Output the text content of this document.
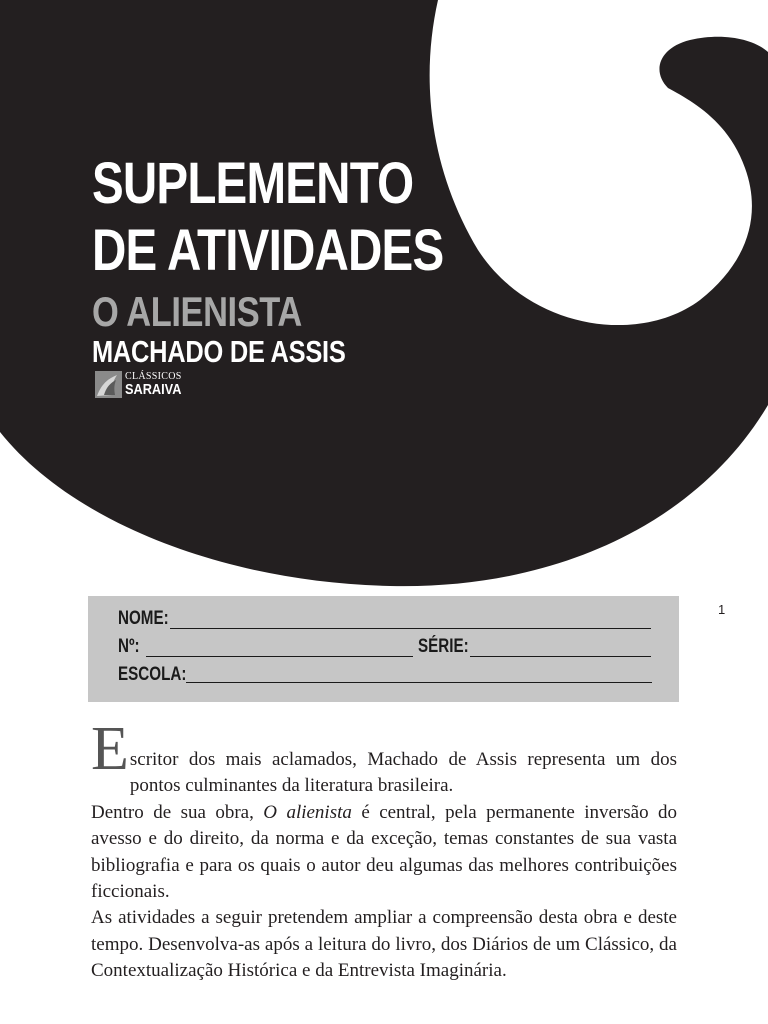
SUPLEMENTO
DE ATIVIDADES
O ALIENISTA
MACHADO DE ASSIS
CLÁSSICOS
SARAIVA
1
NOME:
Nº:	SÉRIE:
ESCOLA:

Escritor dos mais aclamados, Machado de Assis representa um dos pontos culminantes da literatura brasileira.

Dentro de sua obra, O alienista é central, pela permanente inversão do avesso e do direito, da norma e da exceção, temas constantes de sua vasta bibliografia e para os quais o autor deu algumas das melhores contribuições ficcionais.

As atividades a seguir pretendem ampliar a compreensão desta obra e deste tempo. Desenvolva-as após a leitura do livro, dos Diários de um Clássico, da Contextualização Histórica e da Entrevista Imaginária.
